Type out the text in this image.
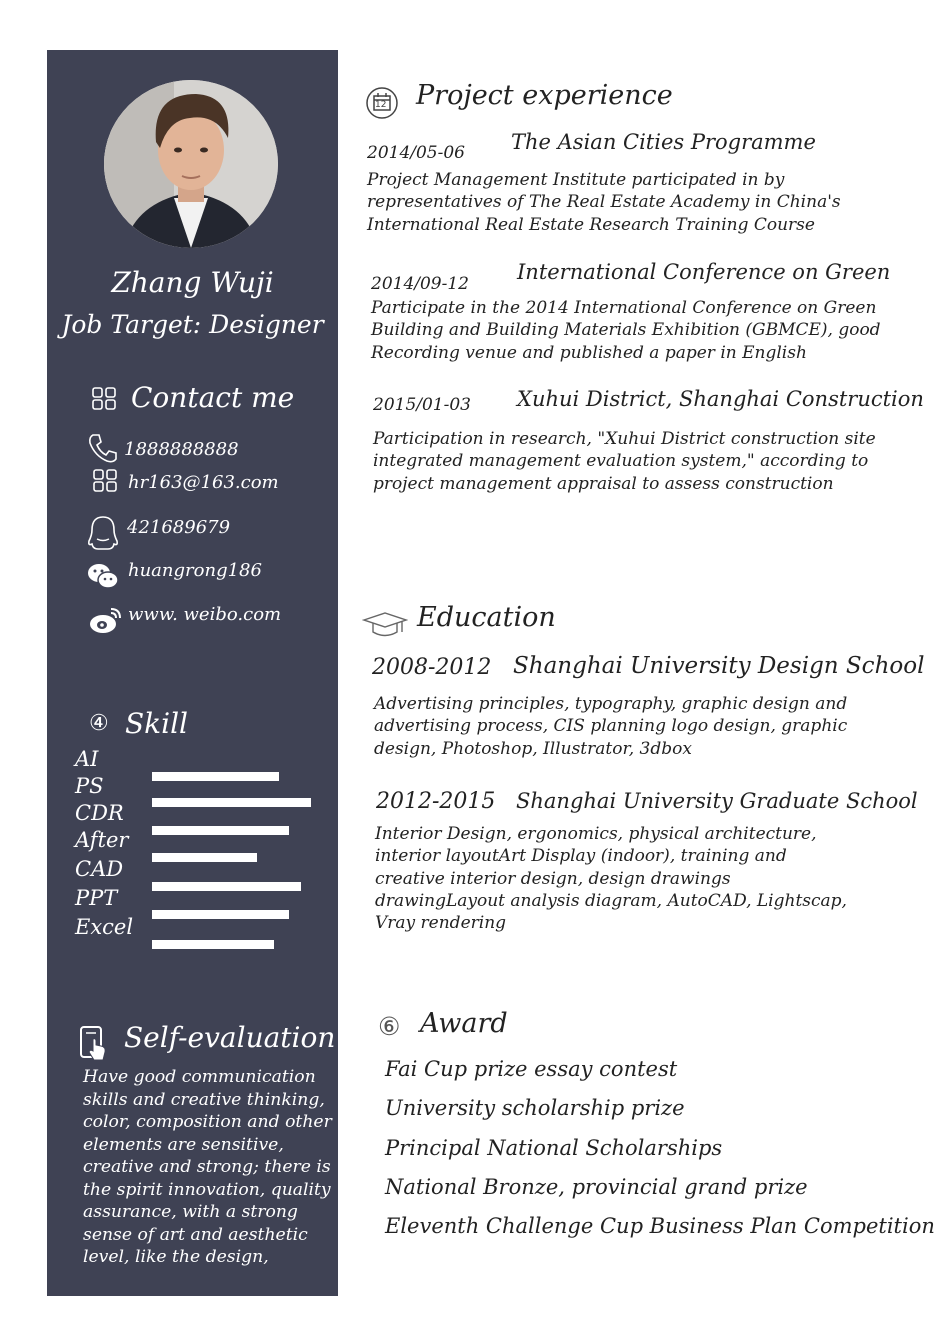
Zhang Wuji
Job Target: Designer
Contact me
1888888888
hr163@163.com
421689679
huangrong186
www. weibo.com
④ Skill
AI
PS
CDR
After
CAD
PPT
Excel
Self-evaluation
Have good communication skills and creative thinking, color, composition and other elements are sensitive, creative and strong; there is the spirit innovation, quality assurance, with a strong sense of art and aesthetic level, like the design,
12 Project experience
2014/05-06 The Asian Cities Programme
Project Management Institute participated in by representatives of The Real Estate Academy in China's International Real Estate Research Training Course
2014/09-12 International Conference on Green
Participate in the 2014 International Conference on Green Building and Building Materials Exhibition (GBMCE), good Recording venue and published a paper in English
2015/01-03 Xuhui District, Shanghai Construction
Participation in research, "Xuhui District construction site integrated management evaluation system," according to project management appraisal to assess construction
Education
2008-2012 Shanghai University Design School
Advertising principles, typography, graphic design and advertising process, CIS planning logo design, graphic design, Photoshop, Illustrator, 3dbox
2012-2015 Shanghai University Graduate School
Interior Design, ergonomics, physical architecture, interior layoutArt Display (indoor), training and creative interior design, design drawings drawingLayout analysis diagram, AutoCAD, Lightscap, Vray rendering
⑥ Award
Fai Cup prize essay contest
University scholarship prize
Principal National Scholarships
National Bronze, provincial grand prize
Eleventh Challenge Cup Business Plan Competition
